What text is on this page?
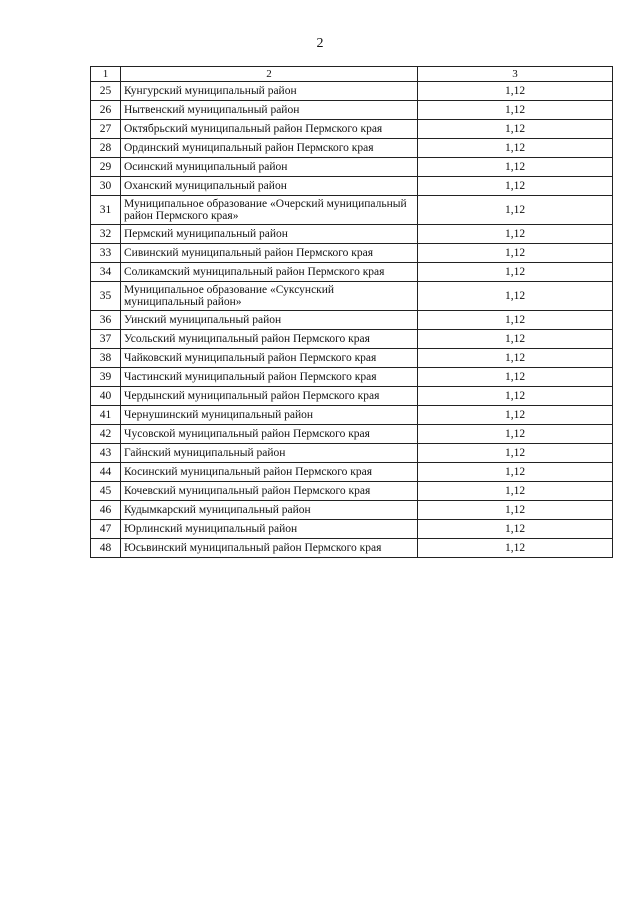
2
1	2	3
25	Кунгурский муниципальный район	1,12
26	Нытвенский муниципальный район	1,12
27	Октябрьский муниципальный район Пермского края	1,12
28	Ординский муниципальный район Пермского края	1,12
29	Осинский муниципальный район	1,12
30	Оханский муниципальный район	1,12
31	Муниципальное образование «Очерский муниципальный район Пермского края»	1,12
32	Пермский муниципальный район	1,12
33	Сивинский муниципальный район Пермского края	1,12
34	Соликамский муниципальный район Пермского края	1,12
35	Муниципальное образование «Суксунский муниципальный район»	1,12
36	Уинский муниципальный район	1,12
37	Усольский муниципальный район Пермского края	1,12
38	Чайковский муниципальный район Пермского края	1,12
39	Частинский муниципальный район Пермского края	1,12
40	Чердынский муниципальный район Пермского края	1,12
41	Чернушинский муниципальный район	1,12
42	Чусовской муниципальный район Пермского края	1,12
43	Гайнский муниципальный район	1,12
44	Косинский муниципальный район Пермского края	1,12
45	Кочевский муниципальный район Пермского края	1,12
46	Кудымкарский муниципальный район	1,12
47	Юрлинский муниципальный район	1,12
48	Юсьвинский муниципальный район Пермского края	1,12
